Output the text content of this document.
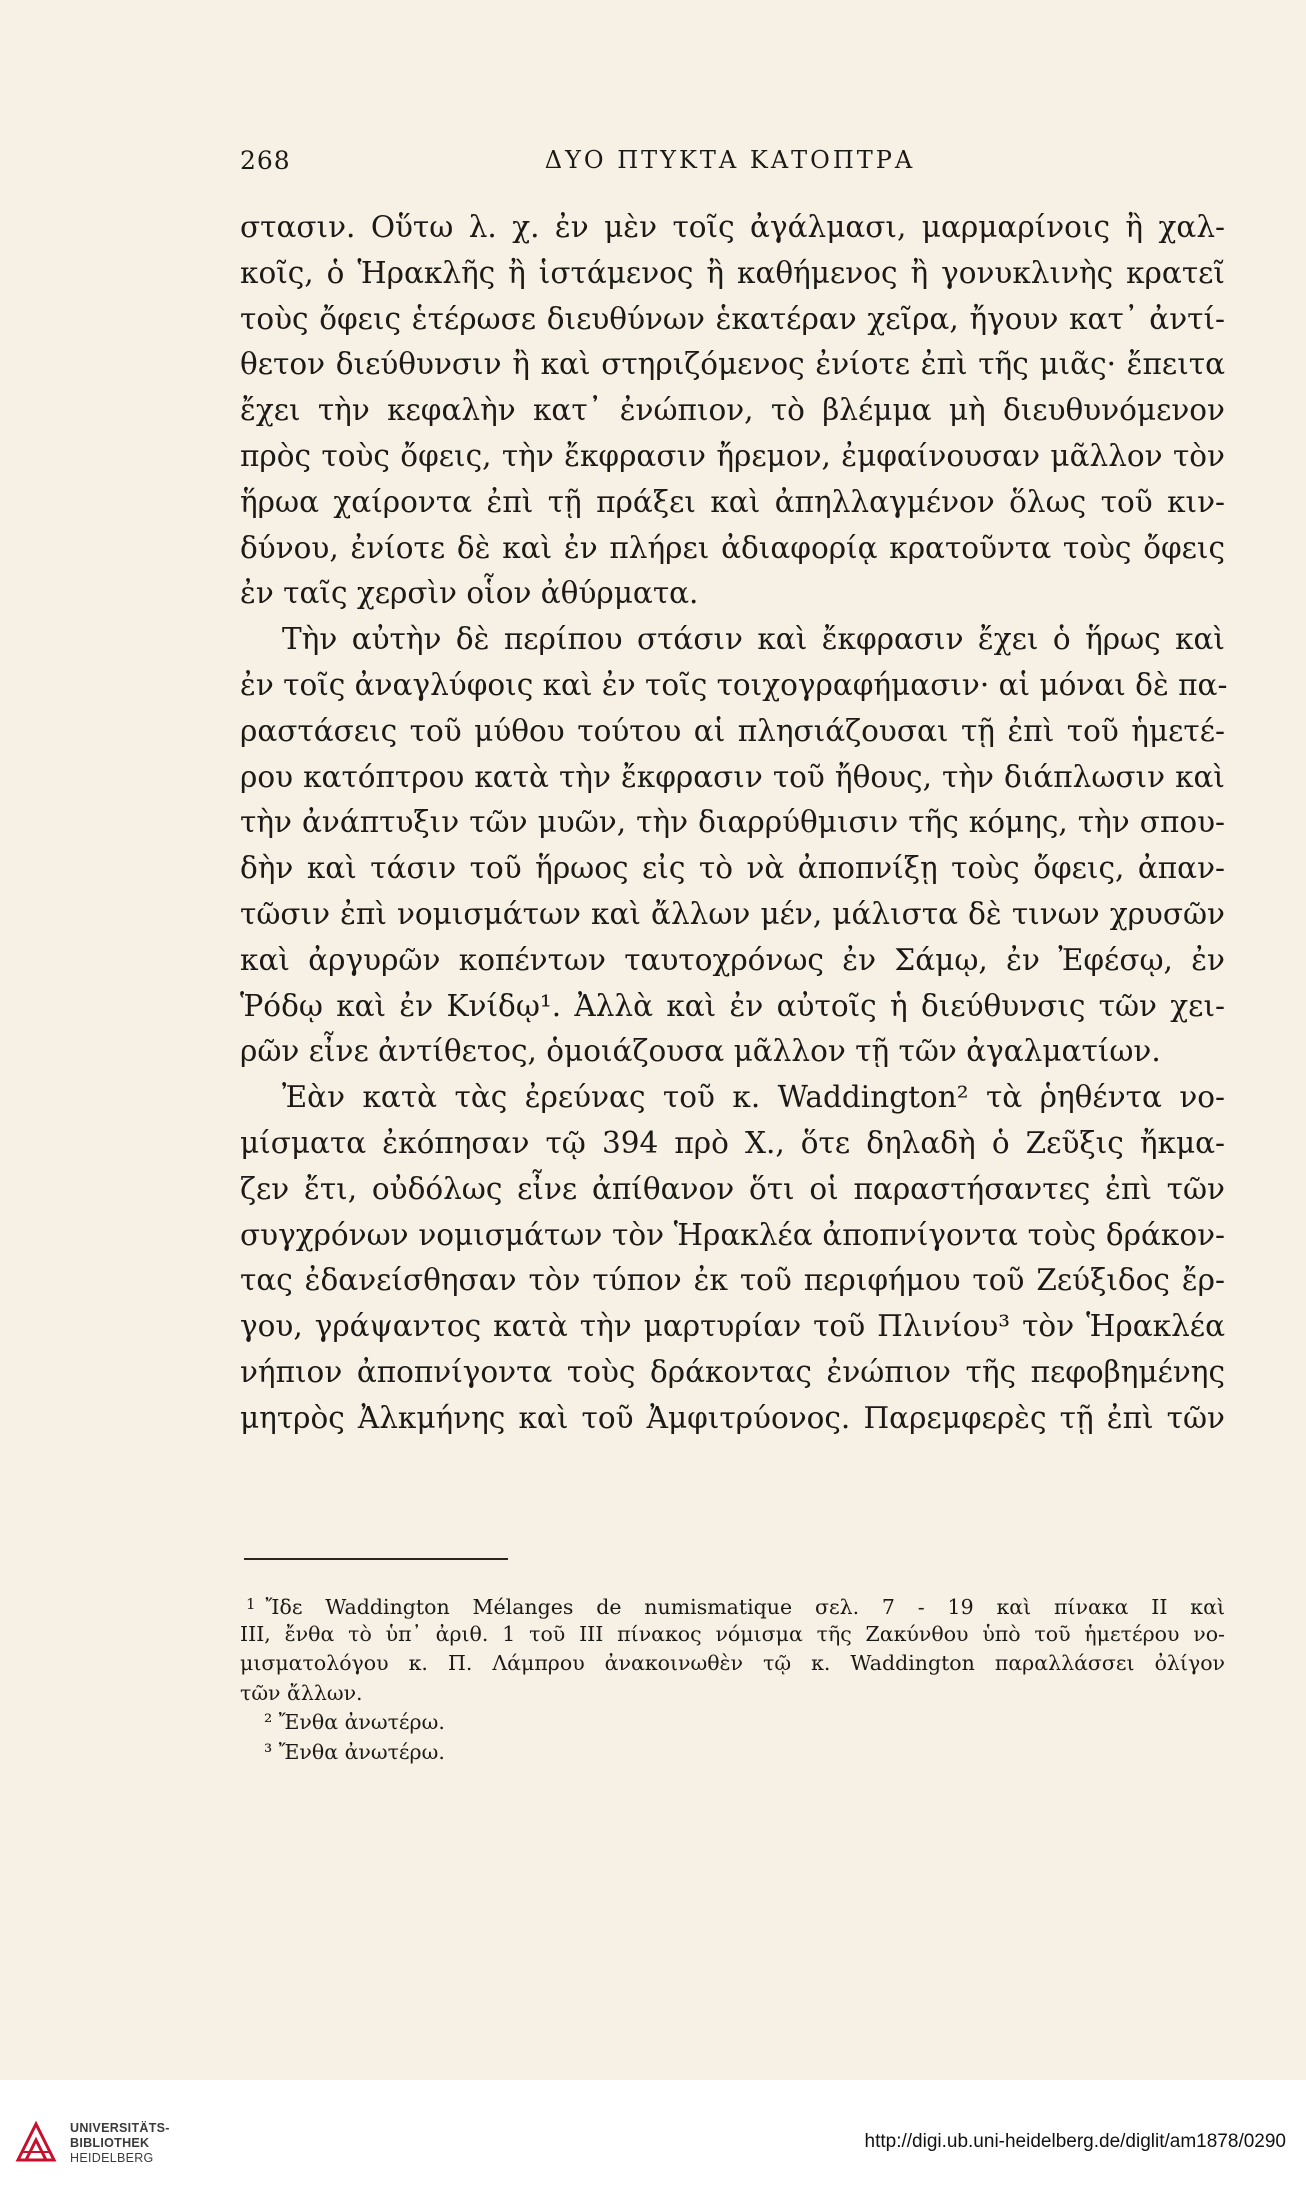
268	ΔΥΟ ΠΤΥΚΤΑ ΚΑΤΟΠΤΡΑ
στασιν. Οὕτω λ. χ. ἐν μὲν τοῖς ἀγάλμασι, μαρμαρίνοις ἢ χαλ-
κοῖς, ὁ Ἡρακλῆς ἢ ἱστάμενος ἢ καθήμενος ἢ γονυκλινὴς κρατεῖ
τοὺς ὄφεις ἑτέρωσε διευθύνων ἑκατέραν χεῖρα, ἤγουν κατ᾽ ἀντί-
θετον διεύθυνσιν ἢ καὶ στηριζόμενος ἐνίοτε ἐπὶ τῆς μιᾶς· ἔπειτα
ἔχει τὴν κεφαλὴν κατ᾽ ἐνώπιον, τὸ βλέμμα μὴ διευθυνόμενον
πρὸς τοὺς ὄφεις, τὴν ἔκφρασιν ἤρεμον, ἐμφαίνουσαν μᾶλλον τὸν
ἥρωα χαίροντα ἐπὶ τῇ πράξει καὶ ἀπηλλαγμένον ὅλως τοῦ κιν-
δύνου, ἐνίοτε δὲ καὶ ἐν πλήρει ἀδιαφορίᾳ κρατοῦντα τοὺς ὄφεις
ἐν ταῖς χερσὶν οἷον ἀθύρματα.
Τὴν αὐτὴν δὲ περίπου στάσιν καὶ ἔκφρασιν ἔχει ὁ ἥρως καὶ
ἐν τοῖς ἀναγλύφοις καὶ ἐν τοῖς τοιχογραφήμασιν· αἱ μόναι δὲ πα-
ραστάσεις τοῦ μύθου τούτου αἱ πλησιάζουσαι τῇ ἐπὶ τοῦ ἡμετέ-
ρου κατόπτρου κατὰ τὴν ἔκφρασιν τοῦ ἤθους, τὴν διάπλωσιν καὶ
τὴν ἀνάπτυξιν τῶν μυῶν, τὴν διαρρύθμισιν τῆς κόμης, τὴν σπου-
δὴν καὶ τάσιν τοῦ ἥρωος εἰς τὸ νὰ ἀποπνίξῃ τοὺς ὄφεις, ἀπαν-
τῶσιν ἐπὶ νομισμάτων καὶ ἄλλων μέν, μάλιστα δὲ τινων χρυσῶν
καὶ ἀργυρῶν κοπέντων ταυτοχρόνως ἐν Σάμῳ, ἐν Ἐφέσῳ, ἐν
Ῥόδῳ καὶ ἐν Κνίδῳ¹. Ἀλλὰ καὶ ἐν αὐτοῖς ἡ διεύθυνσις τῶν χει-
ρῶν εἶνε ἀντίθετος, ὁμοιάζουσα μᾶλλον τῇ τῶν ἀγαλματίων.
Ἐὰν κατὰ τὰς ἐρεύνας τοῦ κ. Waddington² τὰ ῥηθέντα νο-
μίσματα ἐκόπησαν τῷ 394 πρὸ Χ., ὅτε δηλαδὴ ὁ Ζεῦξις ἤκμα-
ζεν ἔτι, οὐδόλως εἶνε ἀπίθανον ὅτι οἱ παραστήσαντες ἐπὶ τῶν
συγχρόνων νομισμάτων τὸν Ἡρακλέα ἀποπνίγοντα τοὺς δράκον-
τας ἐδανείσθησαν τὸν τύπον ἐκ τοῦ περιφήμου τοῦ Ζεύξιδος ἔρ-
γου, γράψαντος κατὰ τὴν μαρτυρίαν τοῦ Πλινίου³ τὸν Ἡρακλέα
νήπιον ἀποπνίγοντα τοὺς δράκοντας ἐνώπιον τῆς πεφοβημένης
μητρὸς Ἀλκμήνης καὶ τοῦ Ἀμφιτρύονος. Παρεμφερὲς τῇ ἐπὶ τῶν
$^1$ Ἴδε Waddington Mélanges de numismatique σελ. 7 - 19 καὶ πίνακα II καὶ
III, ἔνθα τὸ ὑπ᾽ ἀριθ. 1 τοῦ III πίνακος νόμισμα τῆς Ζακύνθου ὑπὸ τοῦ ἡμετέρου νο-
μισματολόγου κ. Π. Λάμπρου ἀνακοινωθὲν τῷ κ. Waddington παραλλάσσει ὀλίγον
τῶν ἄλλων.
² Ἔνθα ἀνωτέρω.
³ Ἔνθα ἀνωτέρω.
UNIVERSITÄTS-
BIBLIOTHEK
HEIDELBERG
http://digi.ub.uni-heidelberg.de/diglit/am1878/0290
